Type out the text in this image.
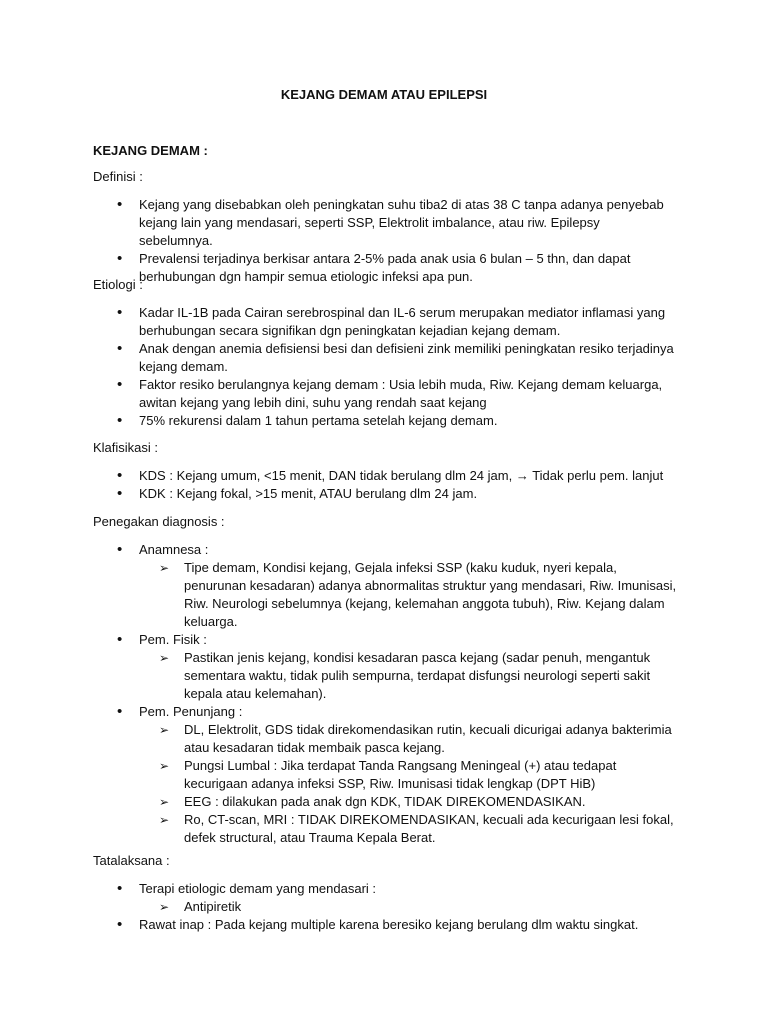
KEJANG DEMAM ATAU EPILEPSI
KEJANG DEMAM :
Definisi :
• Kejang yang disebabkan oleh peningkatan suhu tiba2 di atas 38 C tanpa adanya penyebab kejang lain yang mendasari, seperti SSP, Elektrolit imbalance, atau riw. Epilepsy sebelumnya.
• Prevalensi terjadinya berkisar antara 2-5% pada anak usia 6 bulan – 5 thn, dan dapat berhubungan dgn hampir semua etiologic infeksi apa pun.
Etiologi :
• Kadar IL-1B pada Cairan serebrospinal dan IL-6 serum merupakan mediator inflamasi yang berhubungan secara signifikan dgn peningkatan kejadian kejang demam.
• Anak dengan anemia defisiensi besi dan defisieni zink memiliki peningkatan resiko terjadinya kejang demam.
• Faktor resiko berulangnya kejang demam : Usia lebih muda, Riw. Kejang demam keluarga, awitan kejang yang lebih dini, suhu yang rendah saat kejang
• 75% rekurensi dalam 1 tahun pertama setelah kejang demam.
Klafisikasi :
• KDS : Kejang umum, <15 menit, DAN tidak berulang dlm 24 jam, → Tidak perlu pem. lanjut
• KDK : Kejang fokal, >15 menit, ATAU berulang dlm 24 jam.
Penegakan diagnosis :
• Anamnesa :
➢ Tipe demam, Kondisi kejang, Gejala infeksi SSP (kaku kuduk, nyeri kepala, penurunan kesadaran) adanya abnormalitas struktur yang mendasari, Riw. Imunisasi, Riw. Neurologi sebelumnya (kejang, kelemahan anggota tubuh), Riw. Kejang dalam keluarga.
• Pem. Fisik :
➢ Pastikan jenis kejang, kondisi kesadaran pasca kejang (sadar penuh, mengantuk sementara waktu, tidak pulih sempurna, terdapat disfungsi neurologi seperti sakit kepala atau kelemahan).
• Pem. Penunjang :
➢ DL, Elektrolit, GDS tidak direkomendasikan rutin, kecuali dicurigai adanya bakterimia atau kesadaran tidak membaik pasca kejang.
➢ Pungsi Lumbal : Jika terdapat Tanda Rangsang Meningeal (+) atau tedapat kecurigaan adanya infeksi SSP, Riw. Imunisasi tidak lengkap (DPT HiB)
➢ EEG : dilakukan pada anak dgn KDK, TIDAK DIREKOMENDASIKAN.
➢ Ro, CT-scan, MRI : TIDAK DIREKOMENDASIKAN, kecuali ada kecurigaan lesi fokal, defek structural, atau Trauma Kepala Berat.
Tatalaksana :
• Terapi etiologic demam yang mendasari :
➢ Antipiretik
• Rawat inap : Pada kejang multiple karena beresiko kejang berulang dlm waktu singkat.
